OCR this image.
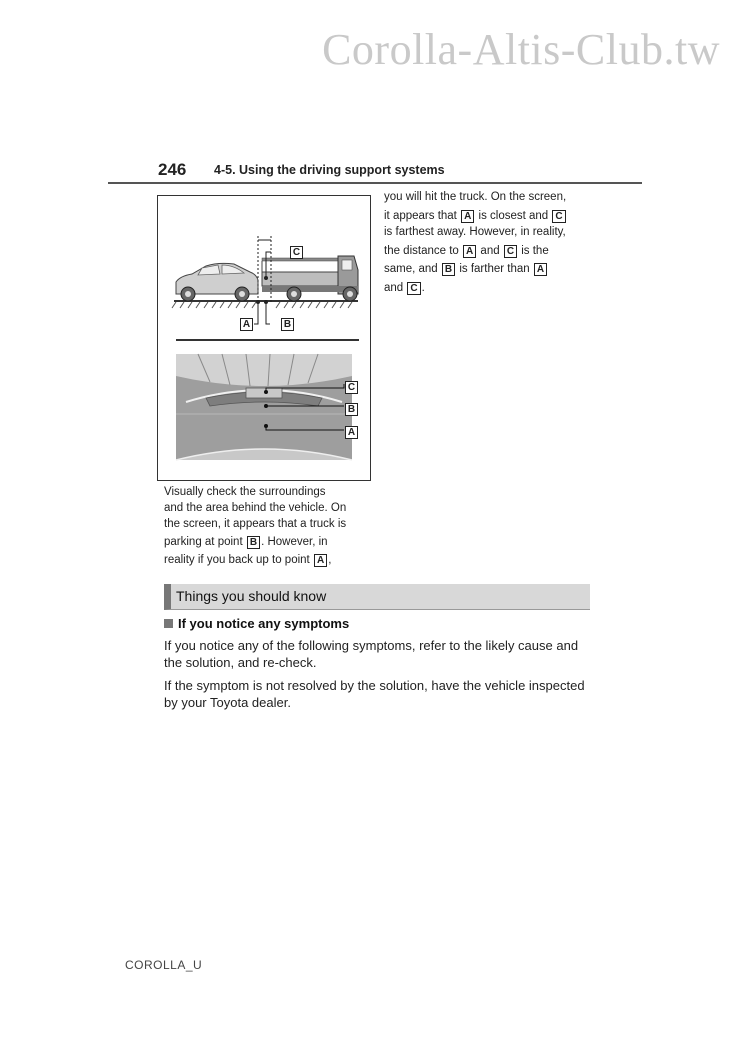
Corolla-Altis-Club.tw
246 4-5. Using the driving support systems
C
A	B
C
B
A

Visually check the surroundings

and the area behind the vehicle. On

the screen, it appears that a truck is

parking at point B . However, in

reality if you back up to point A ,

you will hit the truck. On the screen,

it appears that A is closest and C

is farthest away. However, in reality,

the distance to A and C is the

same, and B is farther than A

and C .

Things you should know
If you notice any symptoms

If you notice any of the following symptoms, refer to the likely cause and the solution, and re-check.

If the symptom is not resolved by the solution, have the vehicle inspected by your Toyota dealer.

COROLLA_U
